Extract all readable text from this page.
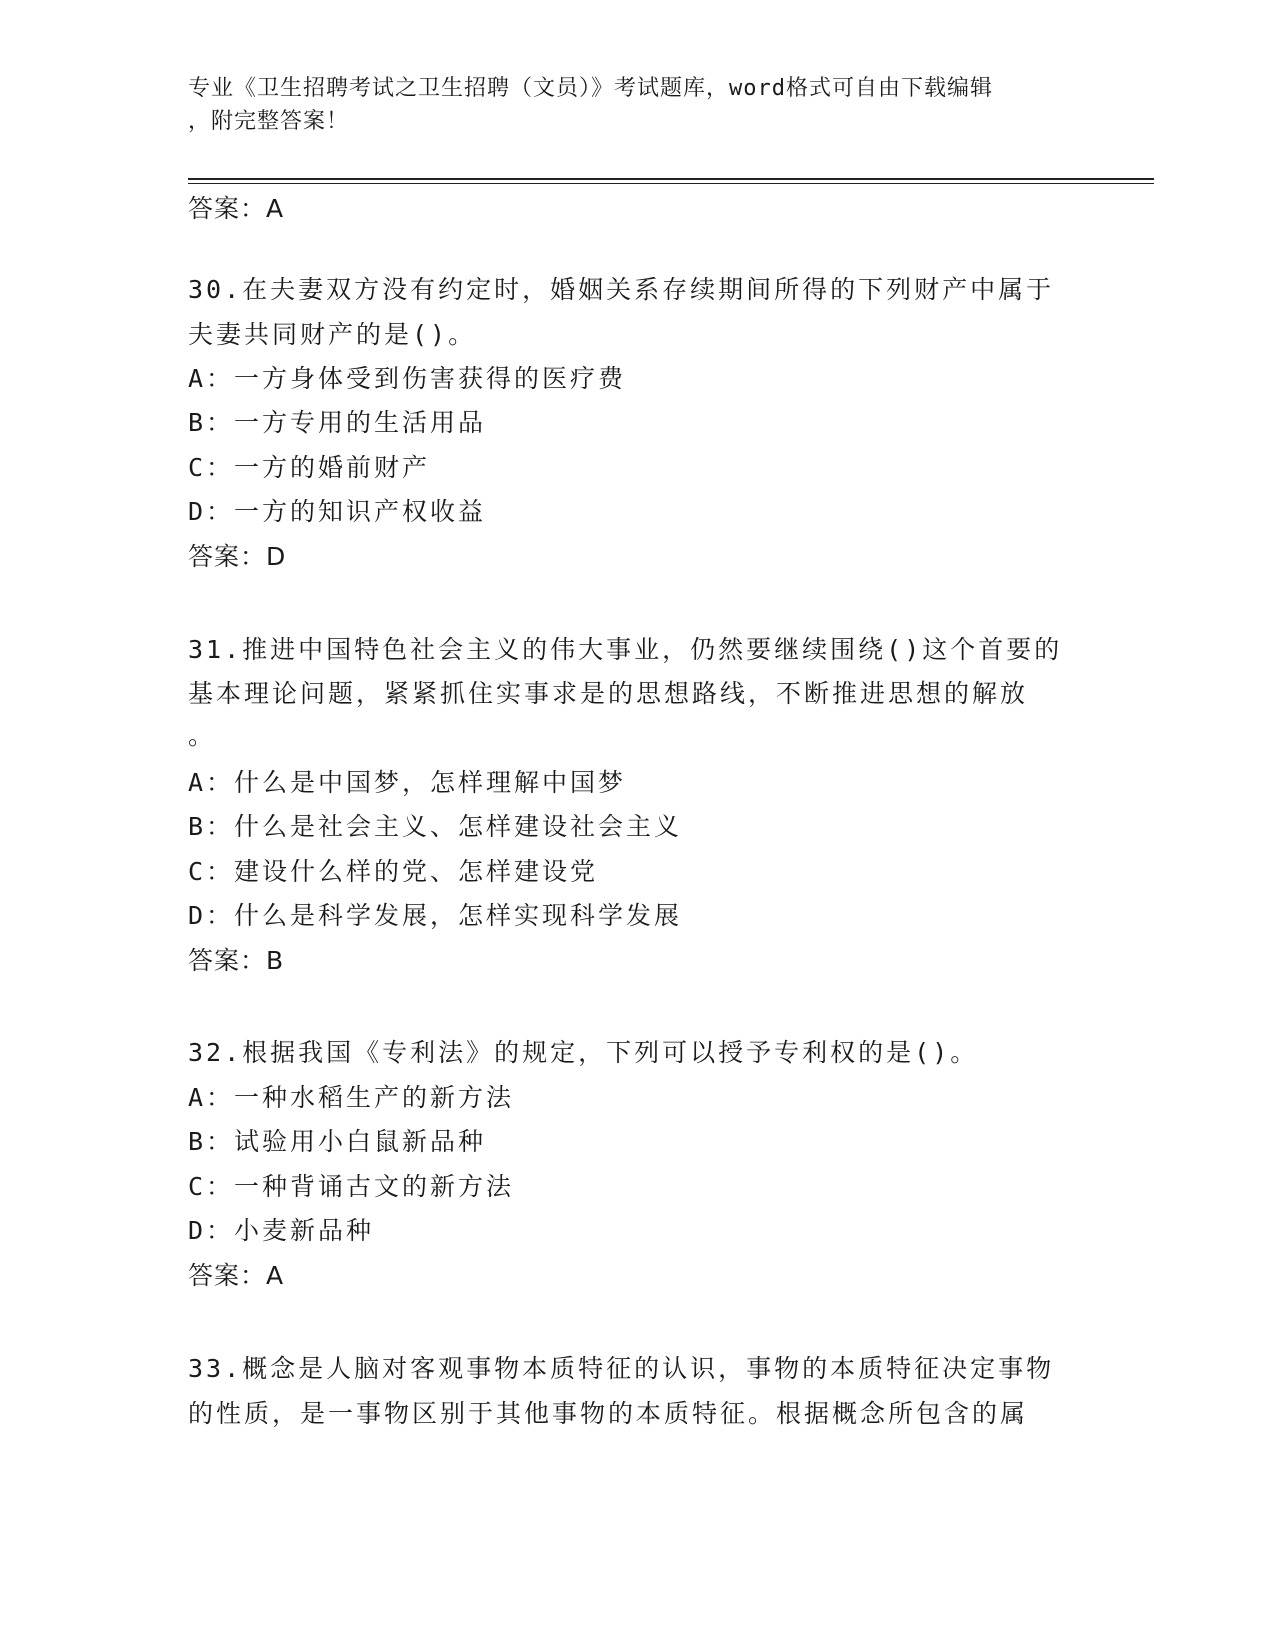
专业《卫生招聘考试之卫生招聘（文员）》考试题库，word格式可自由下载编辑
，附完整答案！
答案：A
30.在夫妻双方没有约定时，婚姻关系存续期间所得的下列财产中属于
夫妻共同财产的是()。
A：一方身体受到伤害获得的医疗费
B：一方专用的生活用品
C：一方的婚前财产
D：一方的知识产权收益
答案：D
31.推进中国特色社会主义的伟大事业，仍然要继续围绕()这个首要的
基本理论问题，紧紧抓住实事求是的思想路线，不断推进思想的解放
。
A：什么是中国梦，怎样理解中国梦
B：什么是社会主义、怎样建设社会主义
C：建设什么样的党、怎样建设党
D：什么是科学发展，怎样实现科学发展
答案：B
32.根据我国《专利法》的规定，下列可以授予专利权的是()。
A：一种水稻生产的新方法
B：试验用小白鼠新品种
C：一种背诵古文的新方法
D：小麦新品种
答案：A
33.概念是人脑对客观事物本质特征的认识，事物的本质特征决定事物
的性质，是一事物区别于其他事物的本质特征。根据概念所包含的属
